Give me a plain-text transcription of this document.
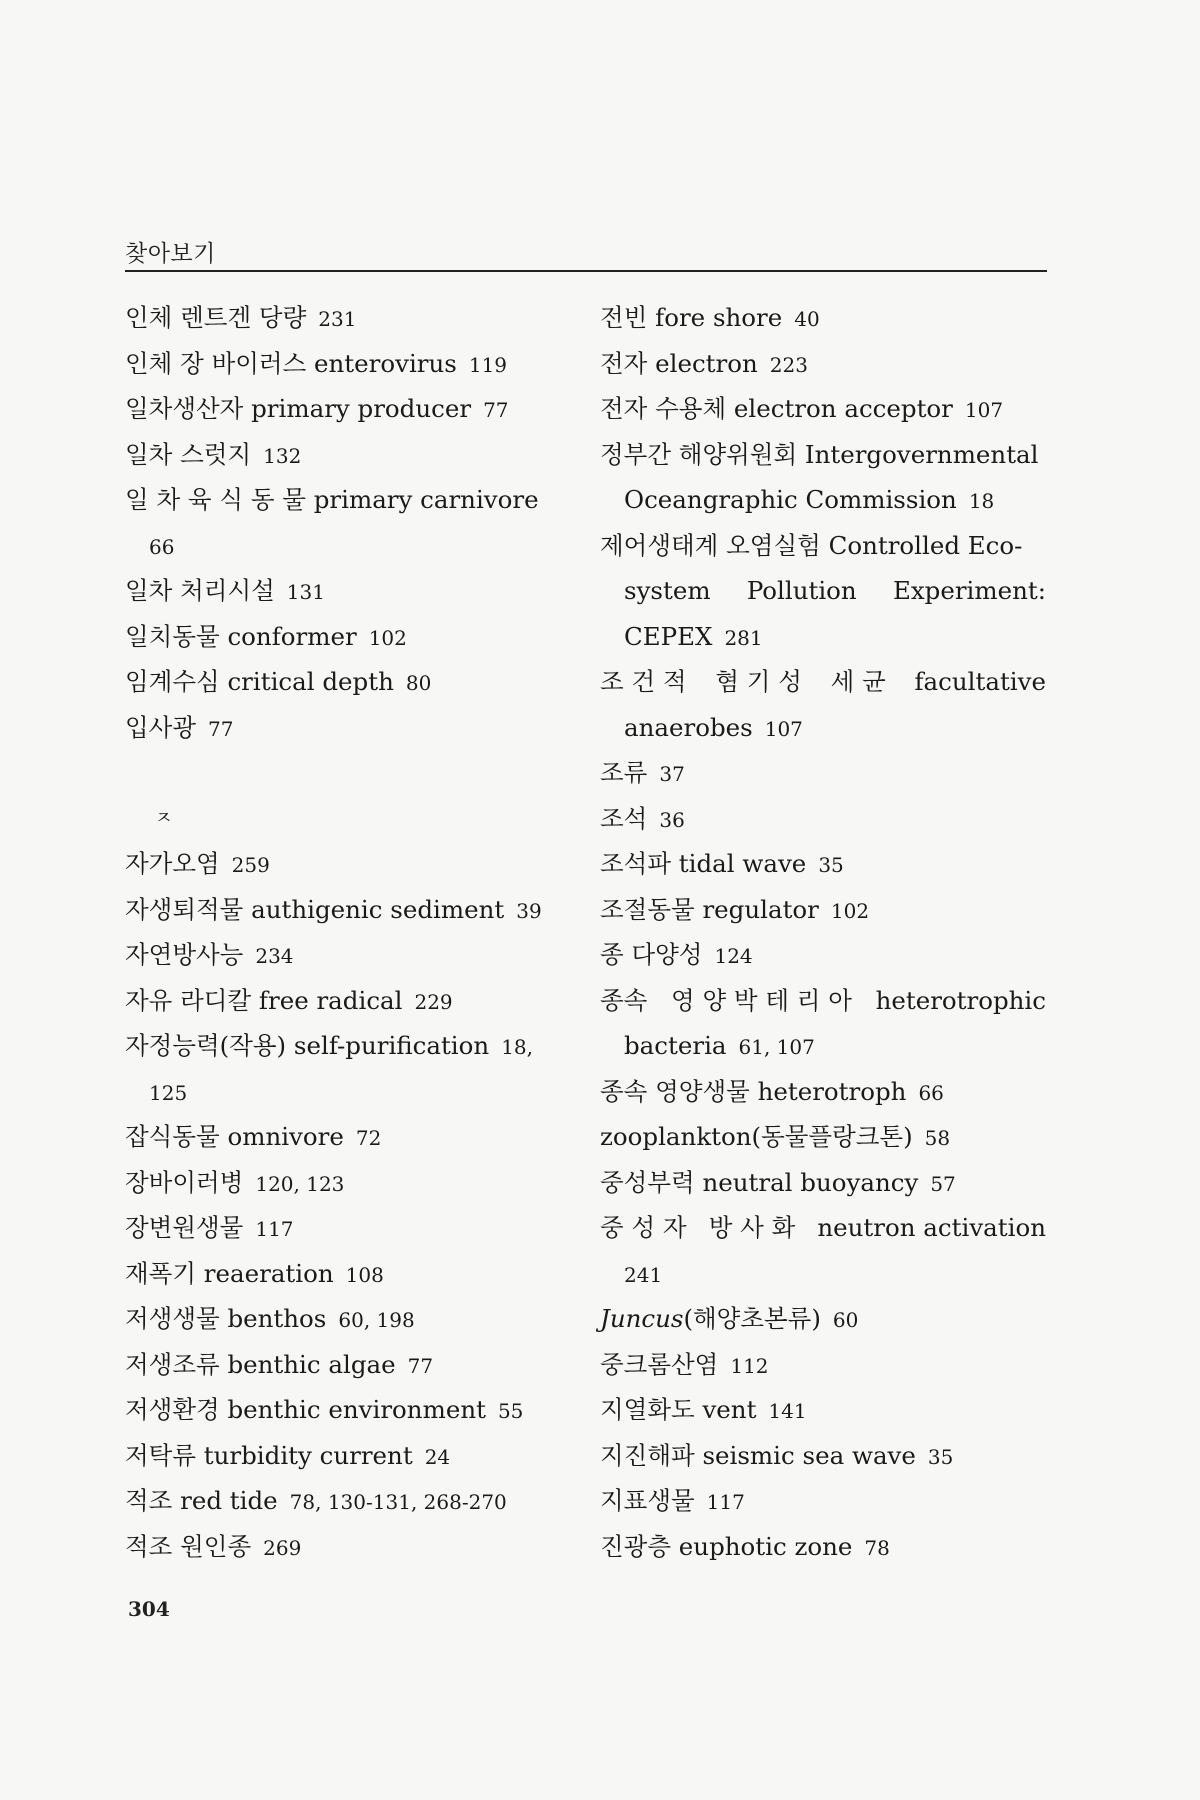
찾아보기
인체 렌트겐 당량 231
인체 장 바이러스 enterovirus 119
일차생산자 primary producer 77
일차 스럿지 132
일 차 육 식 동 물 primary carnivore
66
일차 처리시설 131
일치동물 conformer 102
임계수심 critical depth 80
입사광 77
ㅈ
자가오염 259
자생퇴적물 authigenic sediment 39
자연방사능 234
자유 라디칼 free radical 229
자정능력(작용) self-purification 18,
125
잡식동물 omnivore 72
장바이러병 120, 123
장변원생물 117
재폭기 reaeration 108
저생생물 benthos 60, 198
저생조류 benthic algae 77
저생환경 benthic environment 55
저탁류 turbidity current 24
적조 red tide 78, 130-131, 268-270
적조 원인종 269
전빈 fore shore 40
전자 electron 223
전자 수용체 electron acceptor 107
정부간 해양위원회 Intergovernmental
Oceangraphic Commission 18
제어생태계 오염실험 Controlled Eco-
system Pollution Experiment:
CEPEX 281
조 건 적 혐 기 성 세 균 facultative
anaerobes 107
조류 37
조석 36
조석파 tidal wave 35
조절동물 regulator 102
종 다양성 124
종속 영 양 박 테 리 아 heterotrophic
bacteria 61, 107
종속 영양생물 heterotroph 66
zooplankton(동물플랑크톤) 58
중성부력 neutral buoyancy 57
중 성 자 방 사 화 neutron activation
241
Juncus(해양초본류) 60
중크롬산염 112
지열화도 vent 141
지진해파 seismic sea wave 35
지표생물 117
진광층 euphotic zone 78
304
